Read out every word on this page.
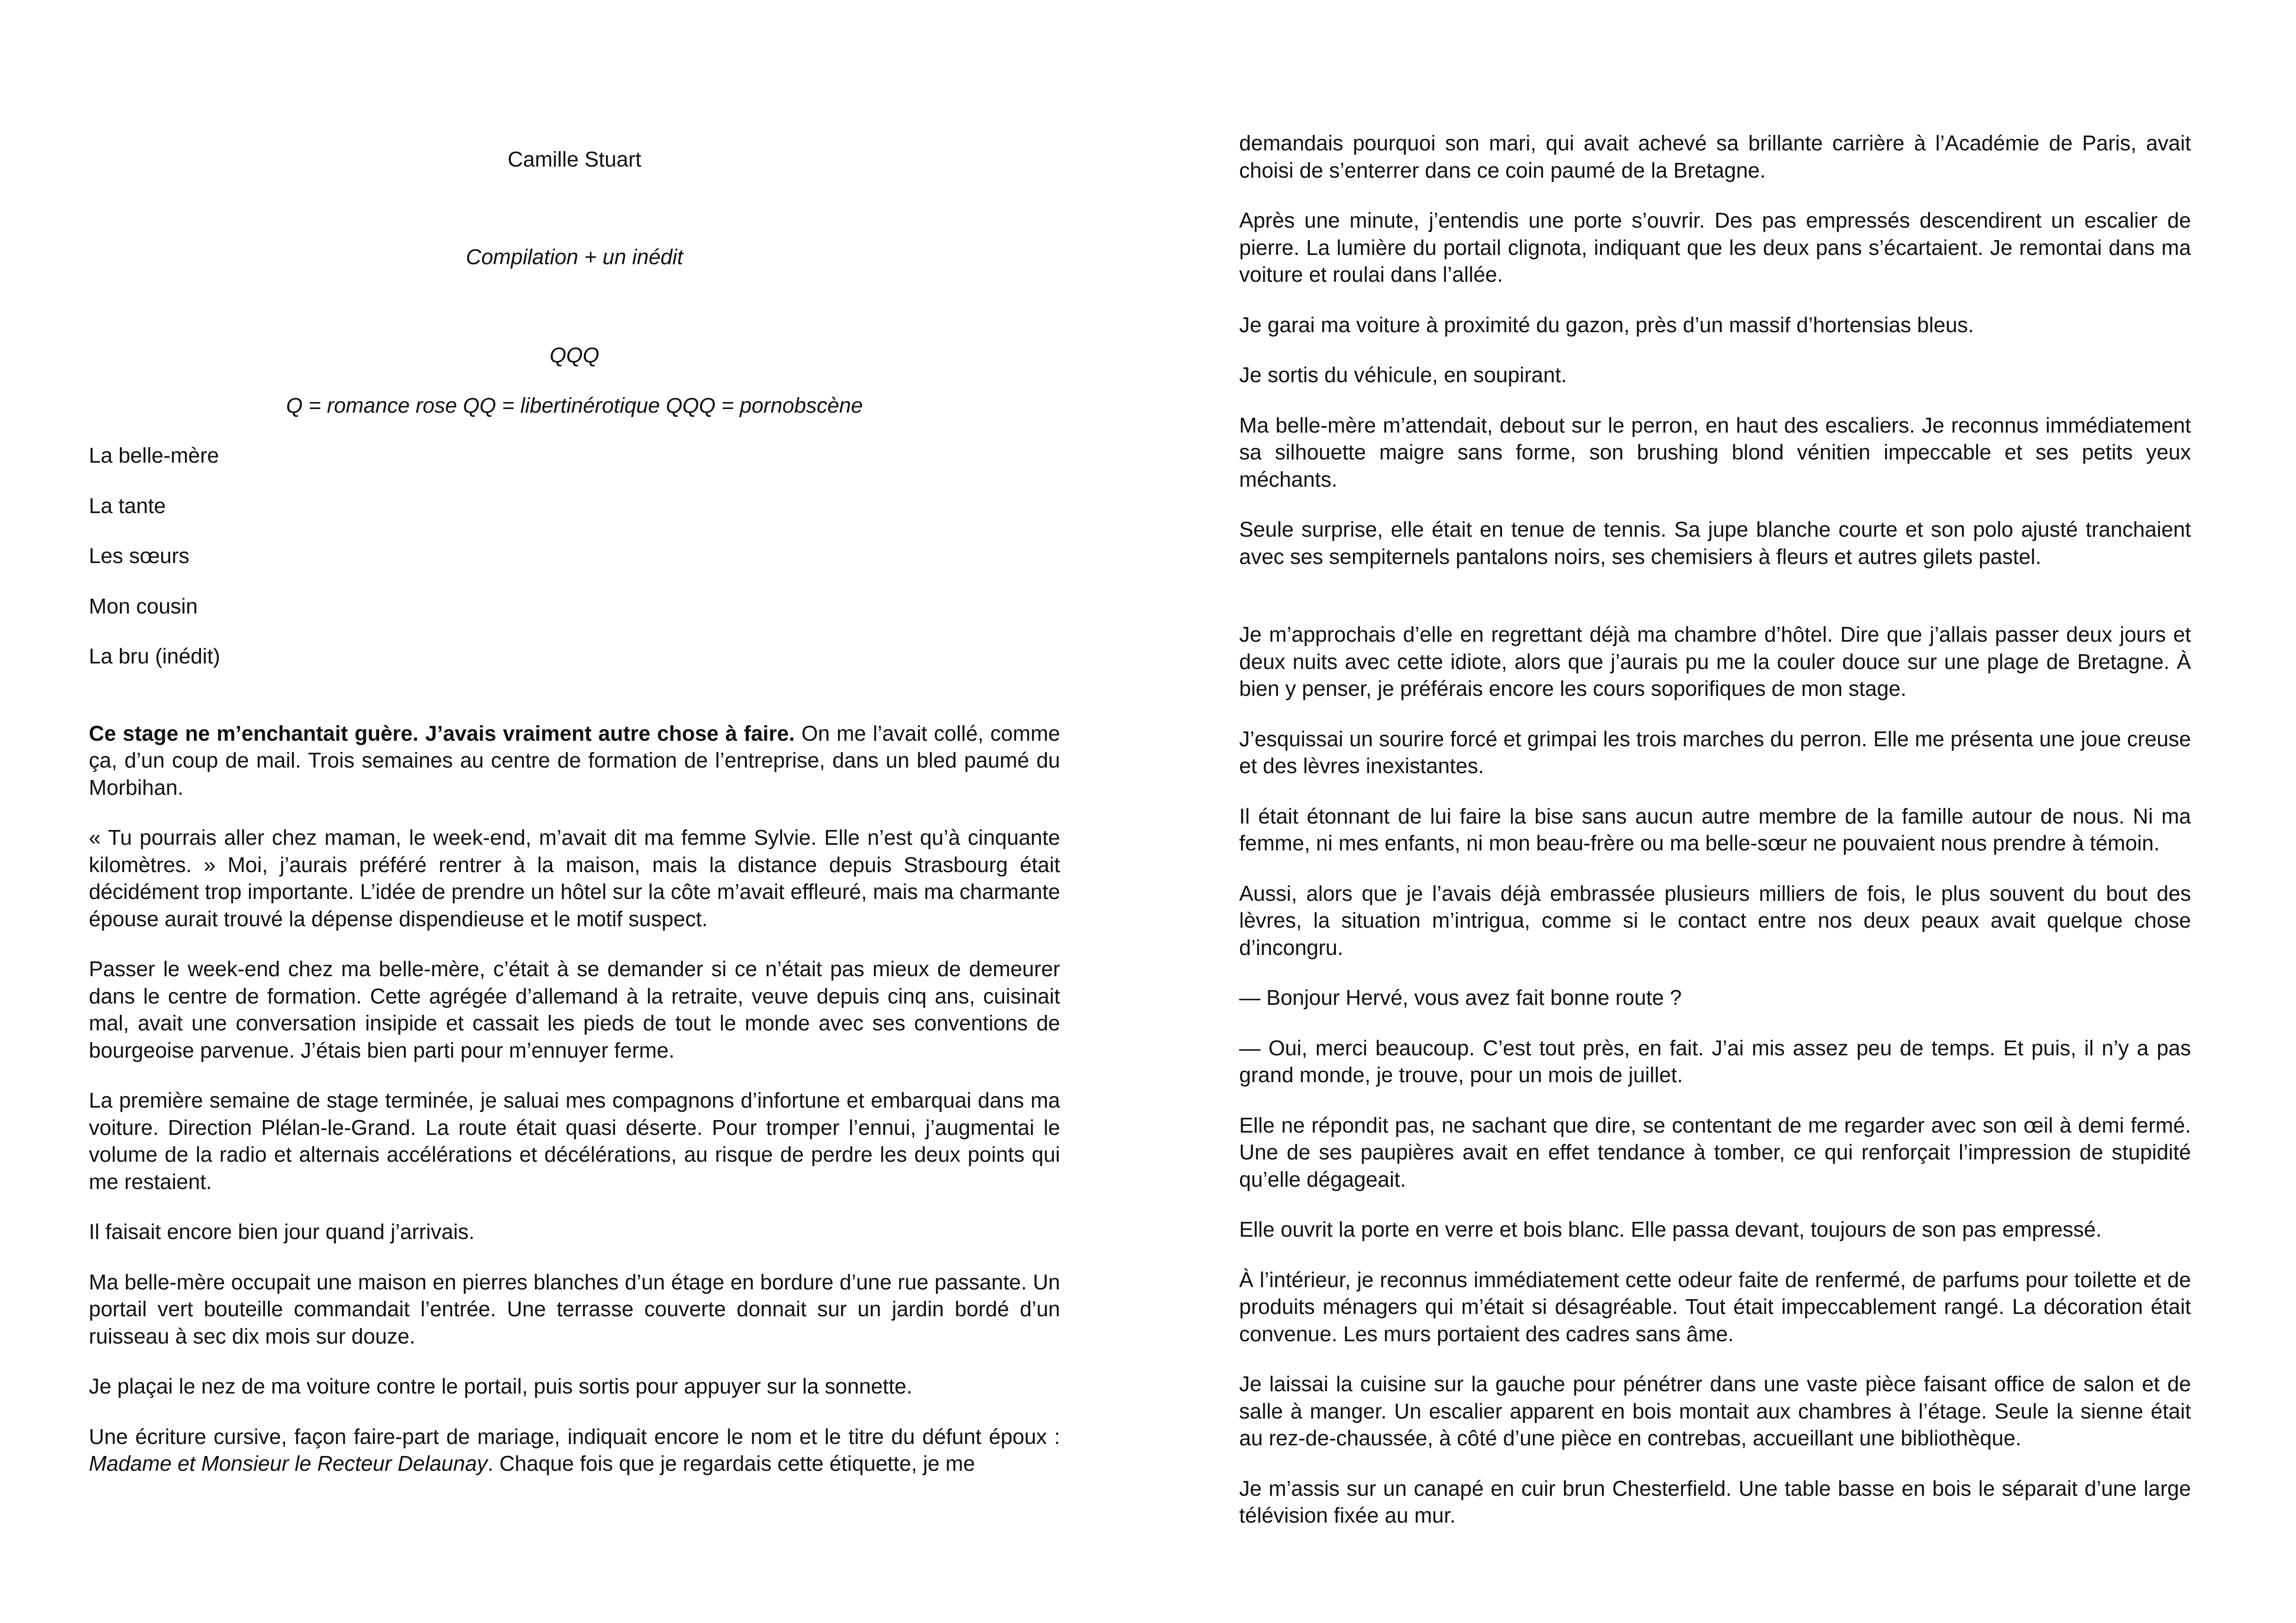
Camille Stuart

Compilation + un inédit

QQQ

Q = romance rose QQ = libertinérotique QQQ = pornobscène

La belle-mère

La tante

Les sœurs

Mon cousin

La bru (inédit)

Ce stage ne m’enchantait guère. J’avais vraiment autre chose à faire. On me l’avait collé, comme ça, d’un coup de mail. Trois semaines au centre de formation de l’entreprise, dans un bled paumé du Morbihan.

« Tu pourrais aller chez maman, le week-end, m’avait dit ma femme Sylvie. Elle n’est qu’à cinquante kilomètres. » Moi, j’aurais préféré rentrer à la maison, mais la distance depuis Strasbourg était décidément trop importante. L’idée de prendre un hôtel sur la côte m’avait effleuré, mais ma charmante épouse aurait trouvé la dépense dispendieuse et le motif suspect.

Passer le week-end chez ma belle-mère, c’était à se demander si ce n’était pas mieux de demeurer dans le centre de formation. Cette agrégée d’allemand à la retraite, veuve depuis cinq ans, cuisinait mal, avait une conversation insipide et cassait les pieds de tout le monde avec ses conventions de bourgeoise parvenue. J’étais bien parti pour m’ennuyer ferme.

La première semaine de stage terminée, je saluai mes compagnons d’infortune et embarquai dans ma voiture. Direction Plélan-le-Grand. La route était quasi déserte. Pour tromper l’ennui, j’augmentai le volume de la radio et alternais accélérations et décélérations, au risque de perdre les deux points qui me restaient.

Il faisait encore bien jour quand j’arrivais.

Ma belle-mère occupait une maison en pierres blanches d’un étage en bordure d’une rue passante. Un portail vert bouteille commandait l’entrée. Une terrasse couverte donnait sur un jardin bordé d’un ruisseau à sec dix mois sur douze.

Je plaçai le nez de ma voiture contre le portail, puis sortis pour appuyer sur la sonnette.

Une écriture cursive, façon faire-part de mariage, indiquait encore le nom et le titre du défunt époux : Madame et Monsieur le Recteur Delaunay. Chaque fois que je regardais cette étiquette, je me

demandais pourquoi son mari, qui avait achevé sa brillante carrière à l’Académie de Paris, avait choisi de s’enterrer dans ce coin paumé de la Bretagne.

Après une minute, j’entendis une porte s’ouvrir. Des pas empressés descendirent un escalier de pierre. La lumière du portail clignota, indiquant que les deux pans s’écartaient. Je remontai dans ma voiture et roulai dans l’allée.

Je garai ma voiture à proximité du gazon, près d’un massif d’hortensias bleus.

Je sortis du véhicule, en soupirant.

Ma belle-mère m’attendait, debout sur le perron, en haut des escaliers. Je reconnus immédiatement sa silhouette maigre sans forme, son brushing blond vénitien impeccable et ses petits yeux méchants.

Seule surprise, elle était en tenue de tennis. Sa jupe blanche courte et son polo ajusté tranchaient avec ses sempiternels pantalons noirs, ses chemisiers à fleurs et autres gilets pastel.

Je m’approchais d’elle en regrettant déjà ma chambre d’hôtel. Dire que j’allais passer deux jours et deux nuits avec cette idiote, alors que j’aurais pu me la couler douce sur une plage de Bretagne. À bien y penser, je préférais encore les cours soporifiques de mon stage.

J’esquissai un sourire forcé et grimpai les trois marches du perron. Elle me présenta une joue creuse et des lèvres inexistantes.

Il était étonnant de lui faire la bise sans aucun autre membre de la famille autour de nous. Ni ma femme, ni mes enfants, ni mon beau-frère ou ma belle-sœur ne pouvaient nous prendre à témoin.

Aussi, alors que je l’avais déjà embrassée plusieurs milliers de fois, le plus souvent du bout des lèvres, la situation m’intrigua, comme si le contact entre nos deux peaux avait quelque chose d’incongru.

— Bonjour Hervé, vous avez fait bonne route ?

— Oui, merci beaucoup. C’est tout près, en fait. J’ai mis assez peu de temps. Et puis, il n’y a pas grand monde, je trouve, pour un mois de juillet.

Elle ne répondit pas, ne sachant que dire, se contentant de me regarder avec son œil à demi fermé. Une de ses paupières avait en effet tendance à tomber, ce qui renforçait l’impression de stupidité qu’elle dégageait.

Elle ouvrit la porte en verre et bois blanc. Elle passa devant, toujours de son pas empressé.

À l’intérieur, je reconnus immédiatement cette odeur faite de renfermé, de parfums pour toilette et de produits ménagers qui m’était si désagréable. Tout était impeccablement rangé. La décoration était convenue. Les murs portaient des cadres sans âme.

Je laissai la cuisine sur la gauche pour pénétrer dans une vaste pièce faisant office de salon et de salle à manger. Un escalier apparent en bois montait aux chambres à l’étage. Seule la sienne était au rez-de-chaussée, à côté d’une pièce en contrebas, accueillant une bibliothèque.

Je m’assis sur un canapé en cuir brun Chesterfield. Une table basse en bois le séparait d’une large télévision fixée au mur.
